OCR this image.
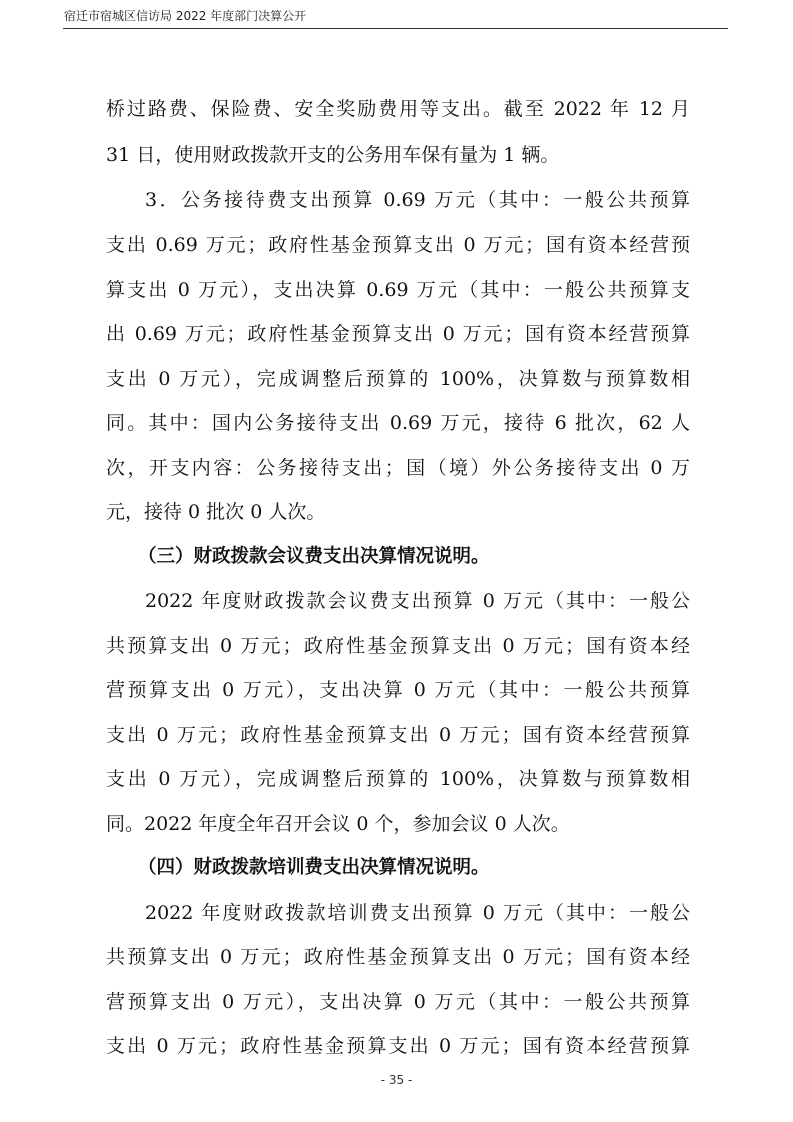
宿迁市宿城区信访局 2022 年度部门决算公开
桥过路费、保险费、安全奖励费用等支出。截至 2022 年 12 月
31 日，使用财政拨款开支的公务用车保有量为 1 辆。
3．公务接待费支出预算 0.69 万元（其中：一般公共预算
支出 0.69 万元；政府性基金预算支出 0 万元；国有资本经营预
算支出 0 万元），支出决算 0.69 万元（其中：一般公共预算支
出 0.69 万元；政府性基金预算支出 0 万元；国有资本经营预算
支出 0 万元），完成调整后预算的 100%，决算数与预算数相
同。其中：国内公务接待支出 0.69 万元，接待 6 批次，62 人
次，开支内容：公务接待支出；国（境）外公务接待支出 0 万
元，接待 0 批次 0 人次。
（三）财政拨款会议费支出决算情况说明。
2022 年度财政拨款会议费支出预算 0 万元（其中：一般公
共预算支出 0 万元；政府性基金预算支出 0 万元；国有资本经
营预算支出 0 万元），支出决算 0 万元（其中：一般公共预算
支出 0 万元；政府性基金预算支出 0 万元；国有资本经营预算
支出 0 万元），完成调整后预算的 100%，决算数与预算数相
同。2022 年度全年召开会议 0 个，参加会议 0 人次。
（四）财政拨款培训费支出决算情况说明。
2022 年度财政拨款培训费支出预算 0 万元（其中：一般公
共预算支出 0 万元；政府性基金预算支出 0 万元；国有资本经
营预算支出 0 万元），支出决算 0 万元（其中：一般公共预算
支出 0 万元；政府性基金预算支出 0 万元；国有资本经营预算
- 35 -
